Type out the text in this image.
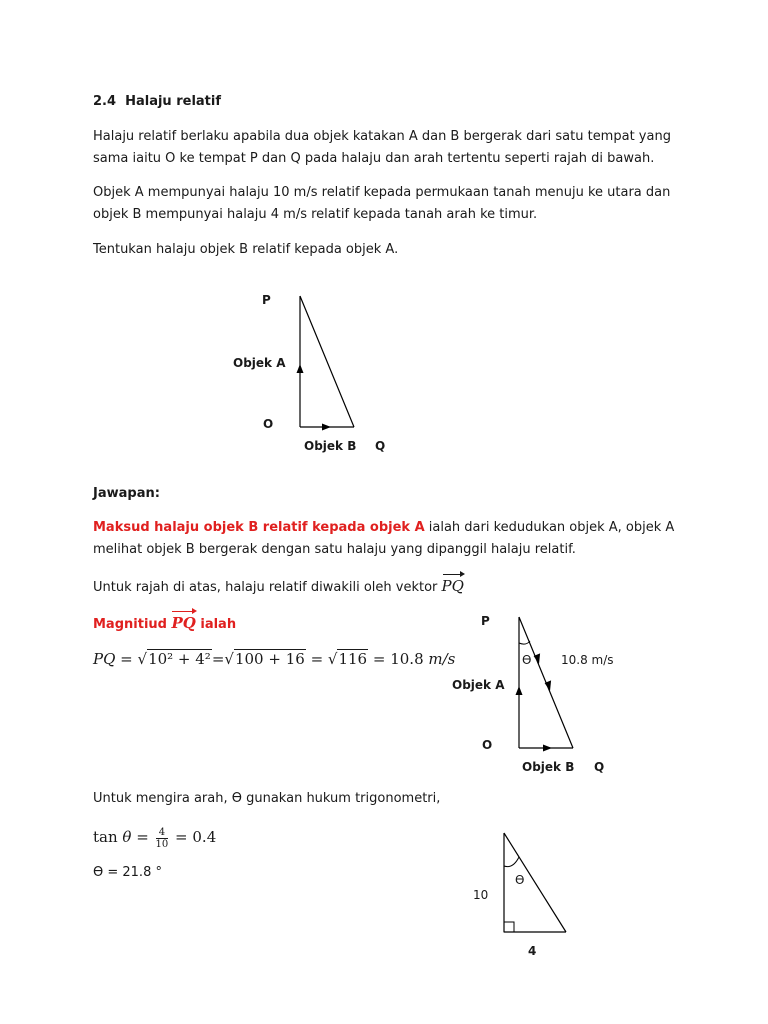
2.4 Halaju relatif
Halaju relatif berlaku apabila dua objek katakan A dan B bergerak dari satu tempat yang
sama iaitu O ke tempat P dan Q pada halaju dan arah tertentu seperti rajah di bawah.
Objek A mempunyai halaju 10 m/s relatif kepada permukaan tanah menuju ke utara dan
objek B mempunyai halaju 4 m/s relatif kepada tanah arah ke timur.
Tentukan halaju objek B relatif kepada objek A.
P
Objek A
O
Objek B Q
Jawapan:
Maksud halaju objek B relatif kepada objek A ialah dari kedudukan objek A, objek A
melihat objek B bergerak dengan satu halaju yang dipanggil halaju relatif.
Untuk rajah di atas, halaju relatif diwakili oleh vektor PQ
Magnitiud PQ ialah
PQ = √10² + 4²=√100 + 16 = √116 = 10.8 m/s
P
ϴ 10.8 m/s
Objek A
O
Objek B Q
Untuk mengira arah, ϴ gunakan hukum trigonometri,
$\tan \theta = \frac{4}{10} = 0.4$
ϴ = 21.8 °	ϴ
10
4
